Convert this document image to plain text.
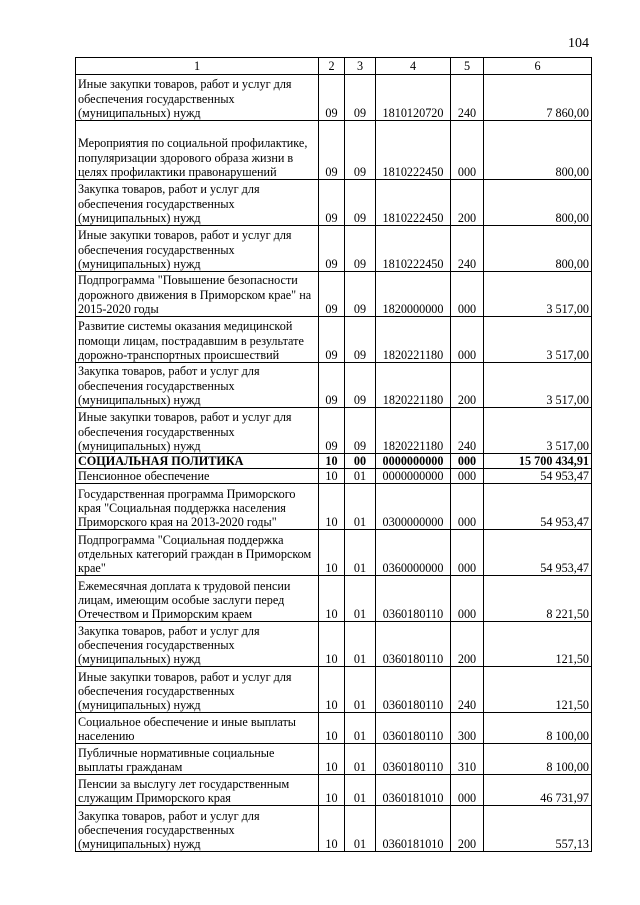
104
1	2	3	4	5	6
Иные закупки товаров, работ и услуг для обеспечения государственных (муниципальных) нужд	09	09	1810120720	240	7 860,00
Мероприятия по социальной профилактике, популяризации здорового образа жизни в целях профилактики правонарушений	09	09	1810222450	000	800,00
Закупка товаров, работ и услуг для обеспечения государственных (муниципальных) нужд	09	09	1810222450	200	800,00
Иные закупки товаров, работ и услуг для обеспечения государственных (муниципальных) нужд	09	09	1810222450	240	800,00
Подпрограмма "Повышение безопасности дорожного движения в Приморском крае" на 2015-2020 годы	09	09	1820000000	000	3 517,00
Развитие системы оказания медицинской помощи лицам, пострадавшим в результате дорожно-транспортных происшествий	09	09	1820221180	000	3 517,00
Закупка товаров, работ и услуг для обеспечения государственных (муниципальных) нужд	09	09	1820221180	200	3 517,00
Иные закупки товаров, работ и услуг для обеспечения государственных (муниципальных) нужд	09	09	1820221180	240	3 517,00
СОЦИАЛЬНАЯ ПОЛИТИКА	10	00	0000000000	000	15 700 434,91
Пенсионное обеспечение	10	01	0000000000	000	54 953,47
Государственная программа Приморского края "Социальная поддержка населения Приморского края на 2013-2020 годы"	10	01	0300000000	000	54 953,47
Подпрограмма "Социальная поддержка отдельных категорий граждан в Приморском крае"	10	01	0360000000	000	54 953,47
Ежемесячная доплата к трудовой пенсии лицам, имеющим особые заслуги перед Отечеством и Приморским краем	10	01	0360180110	000	8 221,50
Закупка товаров, работ и услуг для обеспечения государственных (муниципальных) нужд	10	01	0360180110	200	121,50
Иные закупки товаров, работ и услуг для обеспечения государственных (муниципальных) нужд	10	01	0360180110	240	121,50
Социальное обеспечение и иные выплаты населению	10	01	0360180110	300	8 100,00
Публичные нормативные социальные выплаты гражданам	10	01	0360180110	310	8 100,00
Пенсии за выслугу лет государственным служащим Приморского края	10	01	0360181010	000	46 731,97
Закупка товаров, работ и услуг для обеспечения государственных (муниципальных) нужд	10	01	0360181010	200	557,13
